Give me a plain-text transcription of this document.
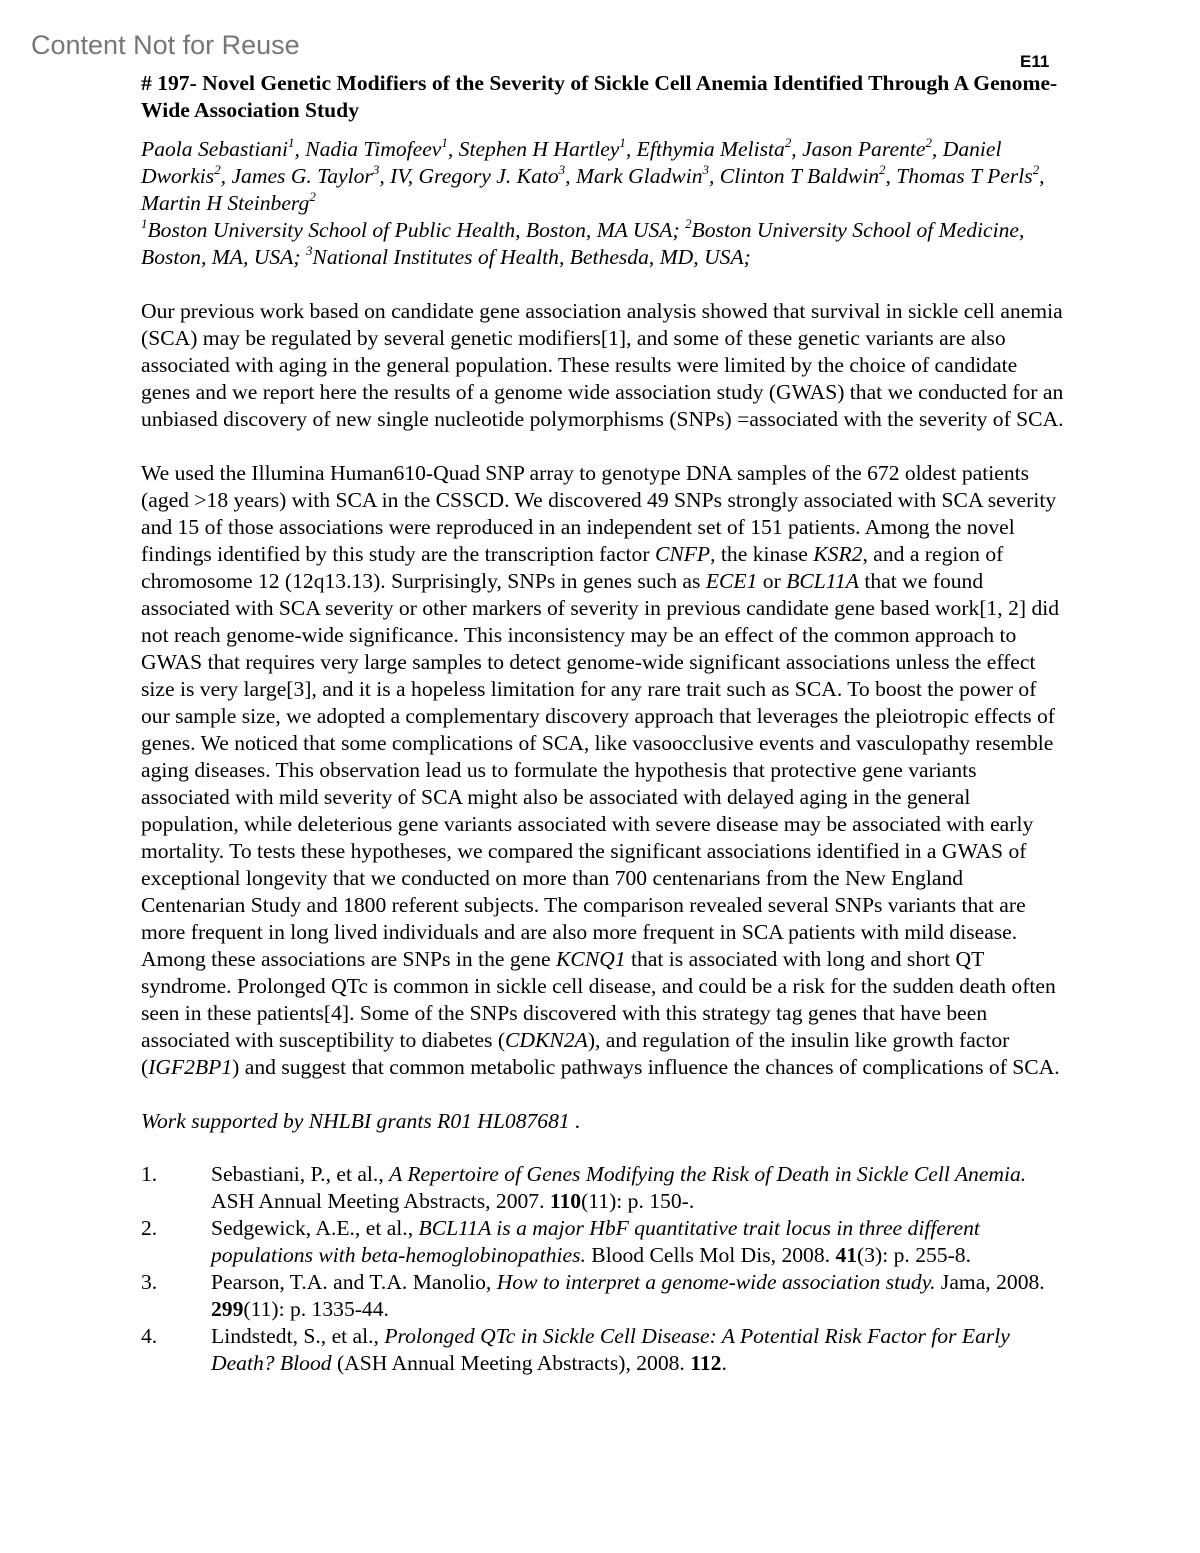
Content Not for Reuse
E11

# 197- Novel Genetic Modifiers of the Severity of Sickle Cell Anemia Identified Through A Genome-Wide Association Study

Paola Sebastiani$^1$, Nadia Timofeev$^1$, Stephen H Hartley$^1$, Efthymia Melista$^2$, Jason Parente$^2$, Daniel Dworkis$^2$, James G. Taylor$^3$, IV, Gregory J. Kato$^3$, Mark Gladwin$^3$, Clinton T Baldwin$^2$, Thomas T Perls$^2$, Martin H Steinberg$^2$

$^1$Boston University School of Public Health, Boston, MA USA; $^2$Boston University School of Medicine, Boston, MA, USA; $^3$National Institutes of Health, Bethesda, MD, USA;

Our previous work based on candidate gene association analysis showed that survival in sickle cell anemia (SCA) may be regulated by several genetic modifiers[1], and some of these genetic variants are also associated with aging in the general population. These results were limited by the choice of candidate genes and we report here the results of a genome wide association study (GWAS) that we conducted for an unbiased discovery of new single nucleotide polymorphisms (SNPs) =associated with the severity of SCA.

We used the Illumina Human610-Quad SNP array to genotype DNA samples of the 672 oldest patients (aged >18 years) with SCA in the CSSCD. We discovered 49 SNPs strongly associated with SCA severity and 15 of those associations were reproduced in an independent set of 151 patients. Among the novel findings identified by this study are the transcription factor CNFP, the kinase KSR2, and a region of chromosome 12 (12q13.13). Surprisingly, SNPs in genes such as ECE1 or BCL11A that we found associated with SCA severity or other markers of severity in previous candidate gene based work[1, 2] did not reach genome-wide significance. This inconsistency may be an effect of the common approach to GWAS that requires very large samples to detect genome-wide significant associations unless the effect size is very large[3], and it is a hopeless limitation for any rare trait such as SCA. To boost the power of our sample size, we adopted a complementary discovery approach that leverages the pleiotropic effects of genes. We noticed that some complications of SCA, like vasoocclusive events and vasculopathy resemble aging diseases. This observation lead us to formulate the hypothesis that protective gene variants associated with mild severity of SCA might also be associated with delayed aging in the general population, while deleterious gene variants associated with severe disease may be associated with early mortality. To tests these hypotheses, we compared the significant associations identified in a GWAS of exceptional longevity that we conducted on more than 700 centenarians from the New England Centenarian Study and 1800 referent subjects. The comparison revealed several SNPs variants that are more frequent in long lived individuals and are also more frequent in SCA patients with mild disease. Among these associations are SNPs in the gene KCNQ1 that is associated with long and short QT syndrome. Prolonged QTc is common in sickle cell disease, and could be a risk for the sudden death often seen in these patients[4]. Some of the SNPs discovered with this strategy tag genes that have been associated with susceptibility to diabetes (CDKN2A), and regulation of the insulin like growth factor (IGF2BP1) and suggest that common metabolic pathways influence the chances of complications of SCA.

Work supported by NHLBI grants R01 HL087681 .

1.	Sebastiani, P., et al., A Repertoire of Genes Modifying the Risk of Death in Sickle Cell Anemia. ASH Annual Meeting Abstracts, 2007. 110(11): p. 150-.
2.	Sedgewick, A.E., et al., BCL11A is a major HbF quantitative trait locus in three different populations with beta-hemoglobinopathies. Blood Cells Mol Dis, 2008. 41(3): p. 255-8.
3.	Pearson, T.A. and T.A. Manolio, How to interpret a genome-wide association study. Jama, 2008. 299(11): p. 1335-44.
4.	Lindstedt, S., et al., Prolonged QTc in Sickle Cell Disease: A Potential Risk Factor for Early Death? Blood (ASH Annual Meeting Abstracts), 2008. 112.
